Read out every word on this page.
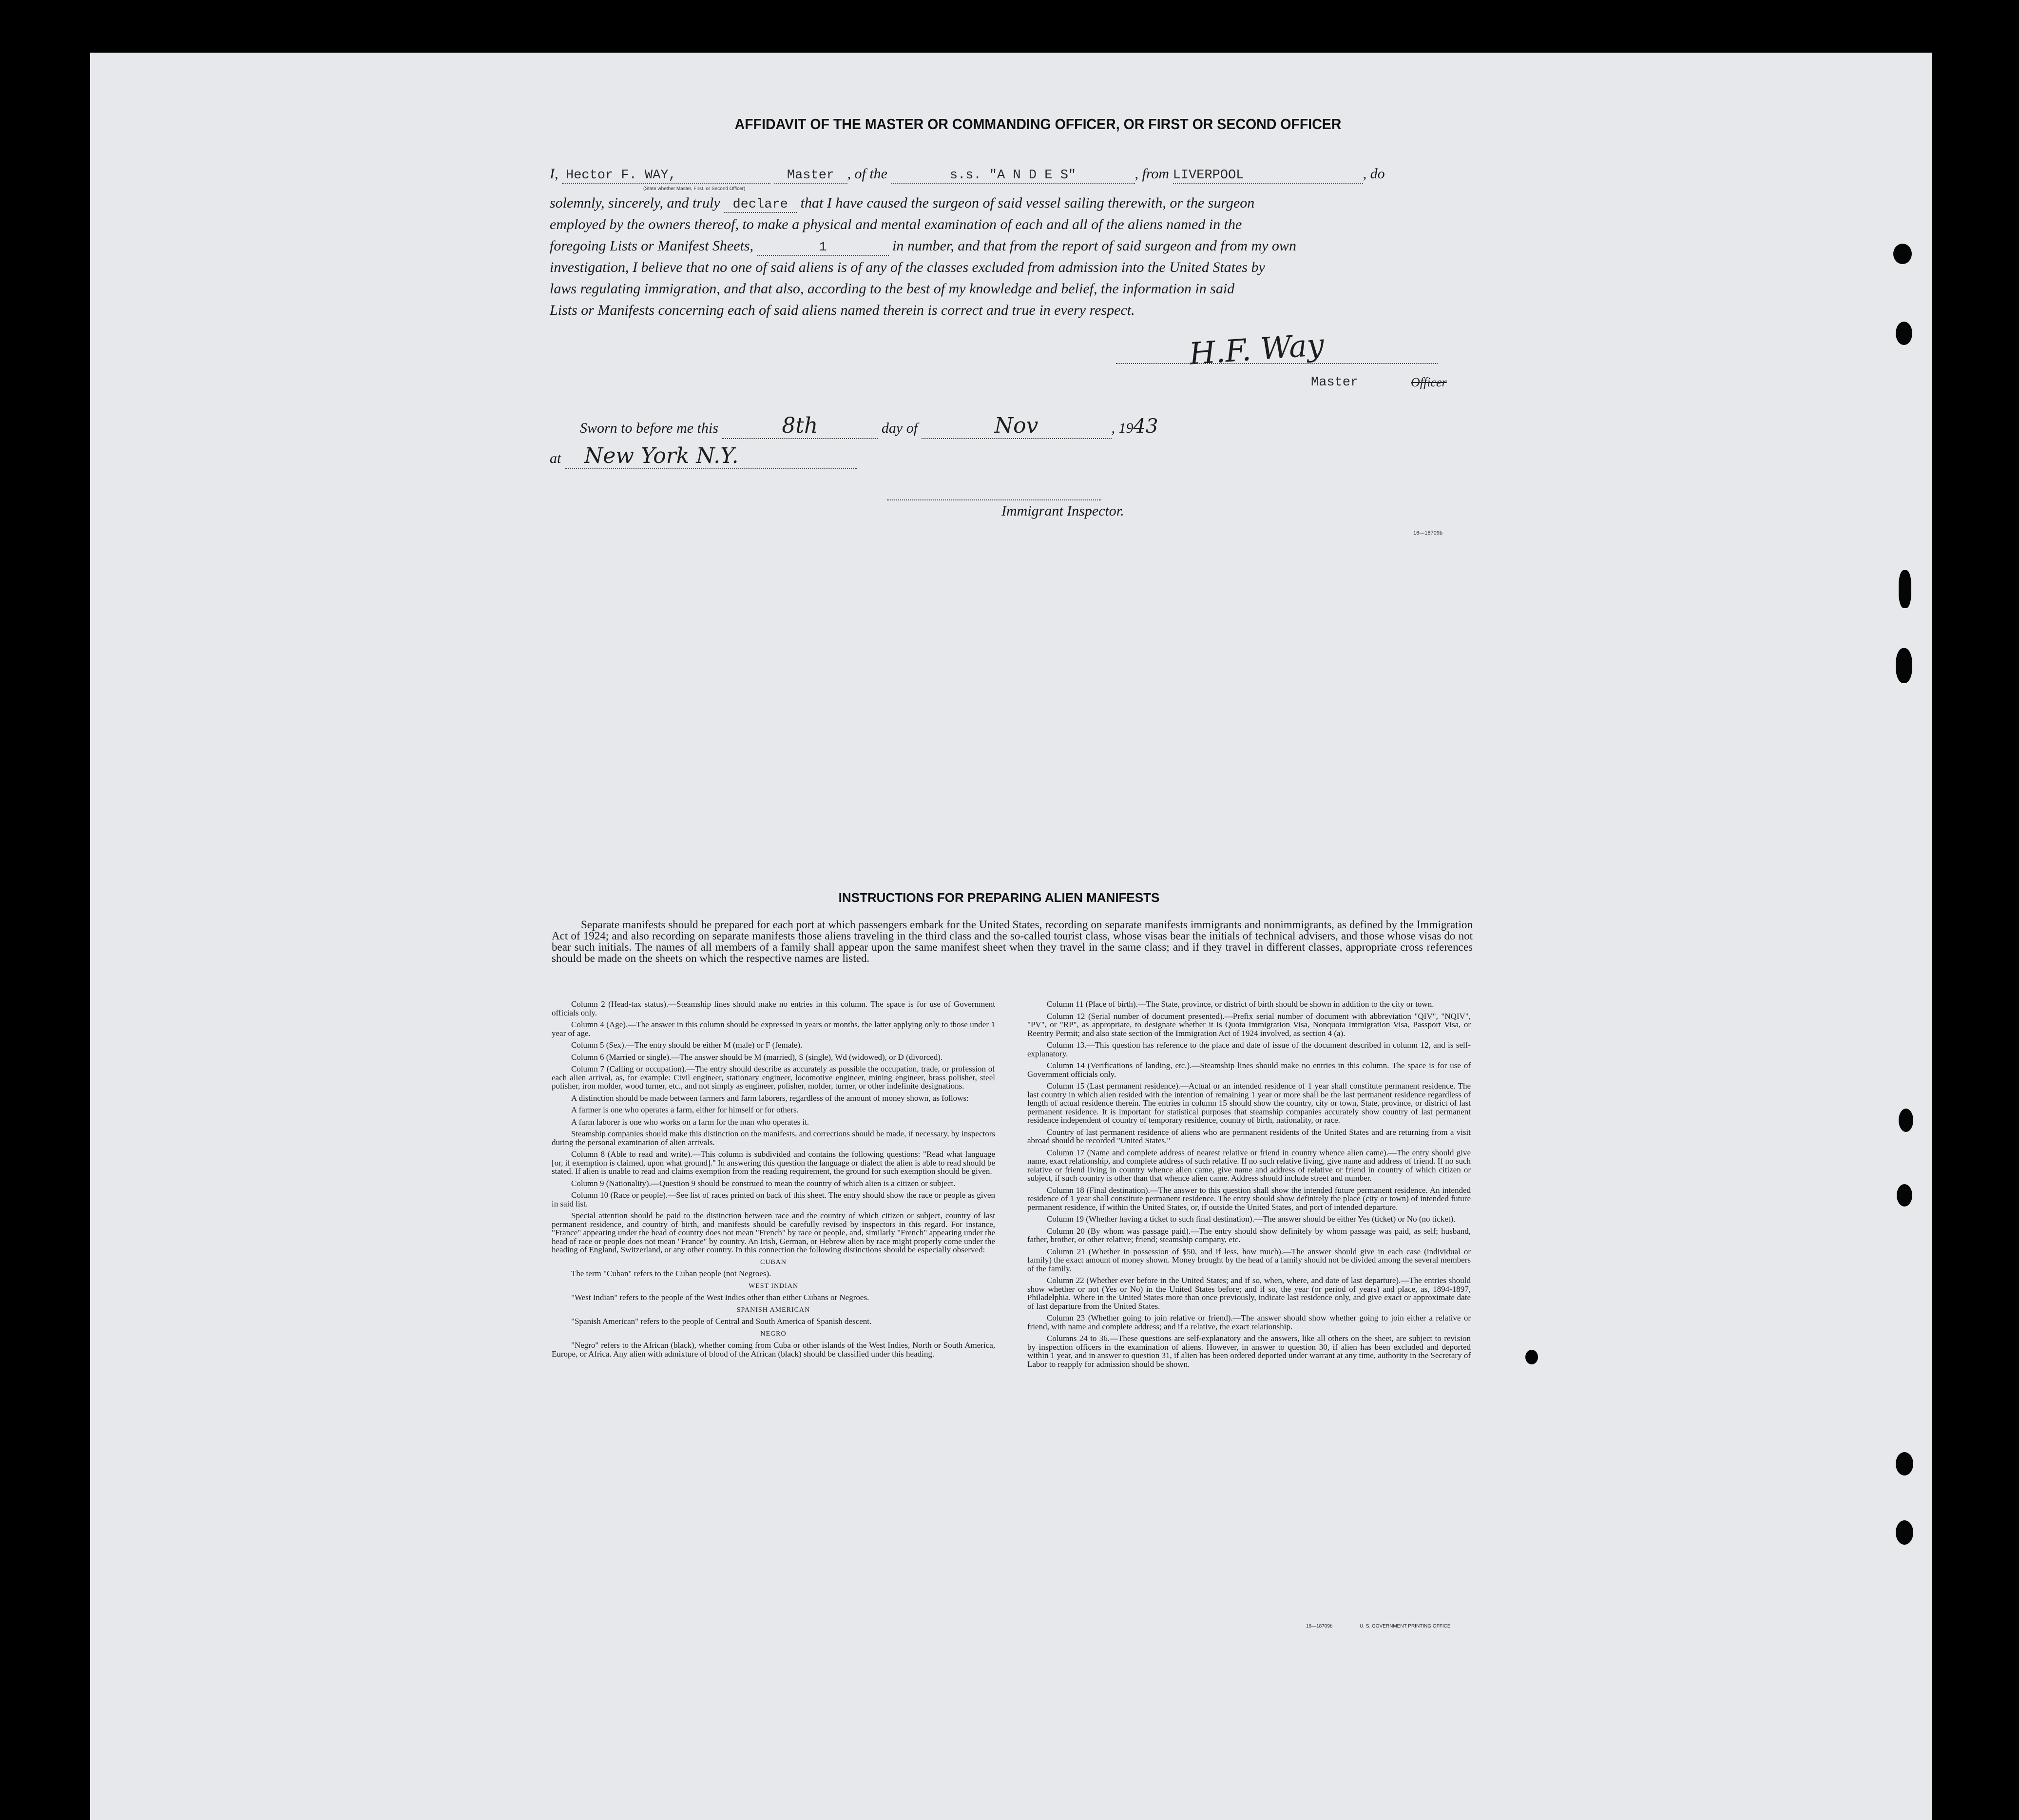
AFFIDAVIT OF THE MASTER OR COMMANDING OFFICER, OR FIRST OR SECOND OFFICER
I, Hector F. WAY,	Master , of the	s.s. "A N D E S"	, from LIVERPOOL	, do
(State whether Master, First, or Second Officer)
solemnly, sincerely, and truly declare that I have caused the surgeon of said vessel sailing therewith, or the surgeon
employed by the owners thereof, to make a physical and mental examination of each and all of the aliens named in the
foregoing Lists or Manifest Sheets,	1	in number, and that from the report of said surgeon and from my own
investigation, I believe that no one of said aliens is of any of the classes excluded from admission into the United States by
laws regulating immigration, and that also, according to the best of my knowledge and belief, the information in said
Lists or Manifests concerning each of said aliens named therein is correct and true in every respect.
H.F. Way
Master	Officer
Sworn to before me this	8th	day of	Nov	, 1943
at New York N.Y.
Immigrant Inspector.
16—18709b
INSTRUCTIONS FOR PREPARING ALIEN MANIFESTS
Separate manifests should be prepared for each port at which passengers embark for the United States, recording on separate manifests immigrants and nonimmigrants, as defined by the Immigration Act of 1924; and also recording on separate manifests those aliens traveling in the third class and the so-called tourist class, whose visas bear the initials of technical advisers, and those whose visas do not bear such initials. The names of all members of a family shall appear upon the same manifest sheet when they travel in the same class; and if they travel in different classes, appropriate cross references should be made on the sheets on which the respective names are listed.

Column 2 (Head-tax status).—Steamship lines should make no entries in this column. The space is for use of Government officials only.

Column 4 (Age).—The answer in this column should be expressed in years or months, the latter applying only to those under 1 year of age.

Column 5 (Sex).—The entry should be either M (male) or F (female).

Column 6 (Married or single).—The answer should be M (married), S (single), Wd (widowed), or D (divorced).

Column 7 (Calling or occupation).—The entry should describe as accurately as possible the occupation, trade, or profession of each alien arrival, as, for example: Civil engineer, stationary engineer, locomotive engineer, mining engineer, brass polisher, steel polisher, iron molder, wood turner, etc., and not simply as engineer, polisher, molder, turner, or other indefinite designations.

A distinction should be made between farmers and farm laborers, regardless of the amount of money shown, as follows:

A farmer is one who operates a farm, either for himself or for others.

A farm laborer is one who works on a farm for the man who operates it.

Steamship companies should make this distinction on the manifests, and corrections should be made, if necessary, by inspectors during the personal examination of alien arrivals.

Column 8 (Able to read and write).—This column is subdivided and contains the following questions: "Read what language [or, if exemption is claimed, upon what ground]." In answering this question the language or dialect the alien is able to read should be stated. If alien is unable to read and claims exemption from the reading requirement, the ground for such exemption should be given.

Column 9 (Nationality).—Question 9 should be construed to mean the country of which alien is a citizen or subject.

Column 10 (Race or people).—See list of races printed on back of this sheet. The entry should show the race or people as given in said list.

Special attention should be paid to the distinction between race and the country of which citizen or subject, country of last permanent residence, and country of birth, and manifests should be carefully revised by inspectors in this regard. For instance, "France" appearing under the head of country does not mean "French" by race or people, and, similarly "French" appearing under the head of race or people does not mean "France" by country. An Irish, German, or Hebrew alien by race might properly come under the heading of England, Switzerland, or any other country. In this connection the following distinctions should be especially observed:

CUBAN

The term "Cuban" refers to the Cuban people (not Negroes).

WEST INDIAN

"West Indian" refers to the people of the West Indies other than either Cubans or Negroes.

SPANISH AMERICAN

"Spanish American" refers to the people of Central and South America of Spanish descent.

NEGRO

"Negro" refers to the African (black), whether coming from Cuba or other islands of the West Indies, North or South America, Europe, or Africa. Any alien with admixture of blood of the African (black) should be classified under this heading.

Column 11 (Place of birth).—The State, province, or district of birth should be shown in addition to the city or town.

Column 12 (Serial number of document presented).—Prefix serial number of document with abbreviation "QIV", "NQIV", "PV", or "RP", as appropriate, to designate whether it is Quota Immigration Visa, Nonquota Immigration Visa, Passport Visa, or Reentry Permit; and also state section of the Immigration Act of 1924 involved, as section 4 (a).

Column 13.—This question has reference to the place and date of issue of the document described in column 12, and is self-explanatory.

Column 14 (Verifications of landing, etc.).—Steamship lines should make no entries in this column. The space is for use of Government officials only.

Column 15 (Last permanent residence).—Actual or an intended residence of 1 year shall constitute permanent residence. The last country in which alien resided with the intention of remaining 1 year or more shall be the last permanent residence regardless of length of actual residence therein. The entries in column 15 should show the country, city or town, State, province, or district of last permanent residence. It is important for statistical purposes that steamship companies accurately show country of last permanent residence independent of country of temporary residence, country of birth, nationality, or race.

Country of last permanent residence of aliens who are permanent residents of the United States and are returning from a visit abroad should be recorded "United States."

Column 17 (Name and complete address of nearest relative or friend in country whence alien came).—The entry should give name, exact relationship, and complete address of such relative. If no such relative living, give name and address of friend. If no such relative or friend living in country whence alien came, give name and address of relative or friend in country of which citizen or subject, if such country is other than that whence alien came. Address should include street and number.

Column 18 (Final destination).—The answer to this question shall show the intended future permanent residence. An intended residence of 1 year shall constitute permanent residence. The entry should show definitely the place (city or town) of intended future permanent residence, if within the United States, or, if outside the United States, and port of intended departure.

Column 19 (Whether having a ticket to such final destination).—The answer should be either Yes (ticket) or No (no ticket).

Column 20 (By whom was passage paid).—The entry should show definitely by whom passage was paid, as self; husband, father, brother, or other relative; friend; steamship company, etc.

Column 21 (Whether in possession of $50, and if less, how much).—The answer should give in each case (individual or family) the exact amount of money shown. Money brought by the head of a family should not be divided among the several members of the family.

Column 22 (Whether ever before in the United States; and if so, when, where, and date of last departure).—The entries should show whether or not (Yes or No) in the United States before; and if so, the year (or period of years) and place, as, 1894-1897, Philadelphia. Where in the United States more than once previously, indicate last residence only, and give exact or approximate date of last departure from the United States.

Column 23 (Whether going to join relative or friend).—The answer should show whether going to join either a relative or friend, with name and complete address; and if a relative, the exact relationship.

Columns 24 to 36.—These questions are self-explanatory and the answers, like all others on the sheet, are subject to revision by inspection officers in the examination of aliens. However, in answer to question 30, if alien has been excluded and deported within 1 year, and in answer to question 31, if alien has been ordered deported under warrant at any time, authority in the Secretary of Labor to reapply for admission should be shown.

16—18709b	U. S. GOVERNMENT PRINTING OFFICE
